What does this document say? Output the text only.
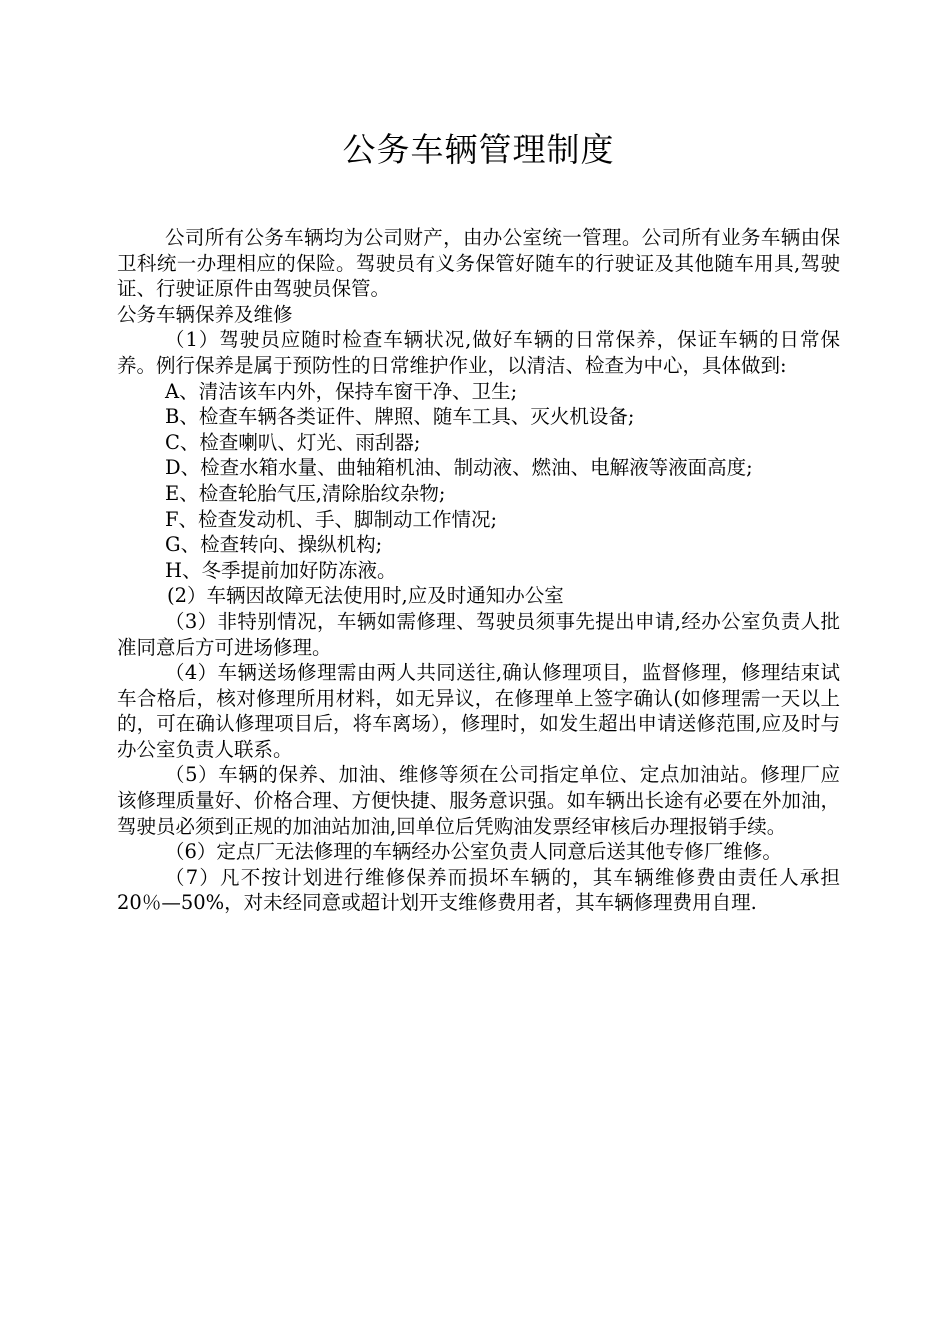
公务车辆管理制度

公司所有公务车辆均为公司财产，由办公室统一管理。公司所有业务车辆由保卫科统一办理相应的保险。驾驶员有义务保管好随车的行驶证及其他随车用具,驾驶证、行驶证原件由驾驶员保管。

公务车辆保养及维修

（1）驾驶员应随时检查车辆状况,做好车辆的日常保养，保证车辆的日常保养。例行保养是属于预防性的日常维护作业，以清洁、检查为中心，具体做到:

A、清洁该车内外，保持车窗干净、卫生;

B、检查车辆各类证件、牌照、随车工具、灭火机设备;

C、检查喇叭、灯光、雨刮器;

D、检查水箱水量、曲轴箱机油、制动液、燃油、电解液等液面高度;

E、检查轮胎气压,清除胎纹杂物;

F、检查发动机、手、脚制动工作情况;

G、检查转向、操纵机构;

H、冬季提前加好防冻液。

(2）车辆因故障无法使用时,应及时通知办公室

（3）非特别情况，车辆如需修理、驾驶员须事先提出申请,经办公室负责人批准同意后方可进场修理。

（4）车辆送场修理需由两人共同送往,确认修理项目，监督修理，修理结束试车合格后，核对修理所用材料，如无异议，在修理单上签字确认(如修理需一天以上的，可在确认修理项目后，将车离场），修理时，如发生超出申请送修范围,应及时与办公室负责人联系。

（5）车辆的保养、加油、维修等须在公司指定单位、定点加油站。修理厂应该修理质量好、价格合理、方便快捷、服务意识强。如车辆出长途有必要在外加油，驾驶员必须到正规的加油站加油,回单位后凭购油发票经审核后办理报销手续。

（6）定点厂无法修理的车辆经办公室负责人同意后送其他专修厂维修。

（7）凡不按计划进行维修保养而损坏车辆的，其车辆维修费由责任人承担20％—50%，对未经同意或超计划开支维修费用者，其车辆修理费用自理.
